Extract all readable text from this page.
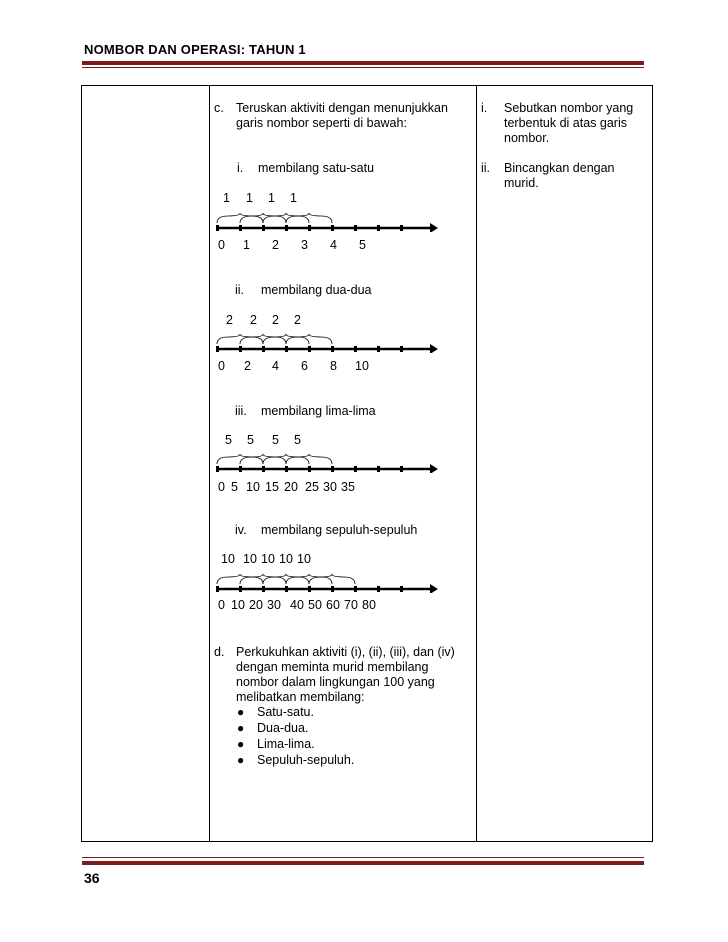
NOMBOR DAN OPERASI: TAHUN 1
c. Teruskan aktiviti dengan menunjukkan
garis nombor seperti di bawah:
i. membilang satu-satu
1 1 1 1
0 1 2 3 4 5
ii. membilang dua-dua
2 2 2 2
0 2 4 6 8 10
iii. membilang lima-lima
5 5 5 5
0 5 10 15 20 25 30 35
iv. membilang sepuluh-sepuluh
10 10 10 10 10
0 10 20 30 40 50 60 70 80
d. Perkukuhkan aktiviti (i), (ii), (iii), dan (iv)
dengan meminta murid membilang
nombor dalam lingkungan 100 yang
melibatkan membilang:
● Satu-satu.
● Dua-dua.
● Lima-lima.
● Sepuluh-sepuluh.
i. Sebutkan nombor yang
terbentuk di atas garis
nombor.
ii. Bincangkan dengan
murid.
36
